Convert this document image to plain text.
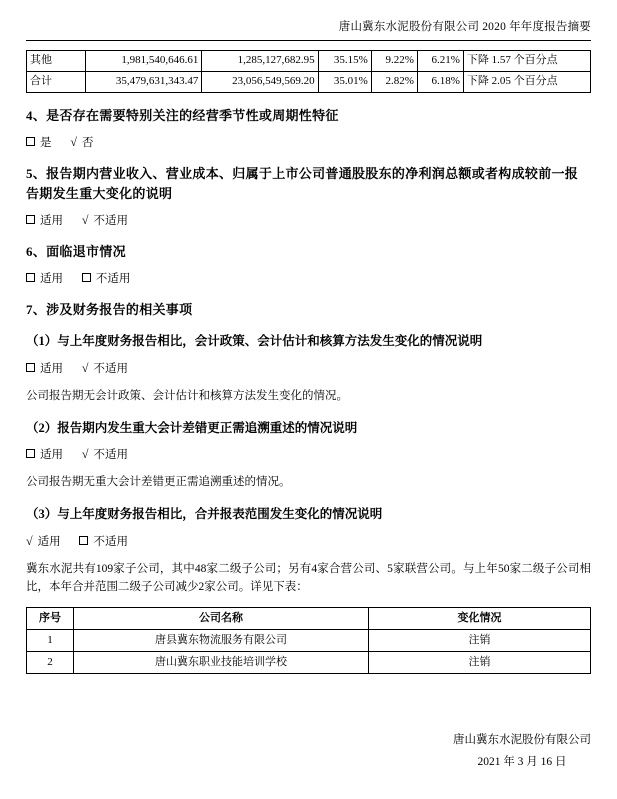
唐山冀东水泥股份有限公司 2020 年年度报告摘要
其他	1,981,540,646.61	1,285,127,682.95	35.15%	9.22%	6.21%	下降 1.57 个百分点
合计	35,479,631,343.47	23,056,549,569.20	35.01%	2.82%	6.18%	下降 2.05 个百分点
4、是否存在需要特别关注的经营季节性或周期性特征
是 √ 否
5、报告期内营业收入、营业成本、归属于上市公司普通股股东的净利润总额或者构成较前一报告期发生重大变化的说明
适用 √ 不适用
6、面临退市情况
适用	不适用
7、涉及财务报告的相关事项
（1）与上年度财务报告相比，会计政策、会计估计和核算方法发生变化的情况说明
适用 √ 不适用
公司报告期无会计政策、会计估计和核算方法发生变化的情况。
（2）报告期内发生重大会计差错更正需追溯重述的情况说明
适用 √ 不适用
公司报告期无重大会计差错更正需追溯重述的情况。
（3）与上年度财务报告相比，合并报表范围发生变化的情况说明
√ 适用	不适用
冀东水泥共有109家子公司，其中48家二级子公司；另有4家合营公司、5家联营公司。与上年50家二级子公司相比，本年合并范围二级子公司减少2家公司。详见下表：
序号	公司名称	变化情况
1	唐县冀东物流服务有限公司	注销
2	唐山冀东职业技能培训学校	注销
唐山冀东水泥股份有限公司
2021 年 3 月 16 日
